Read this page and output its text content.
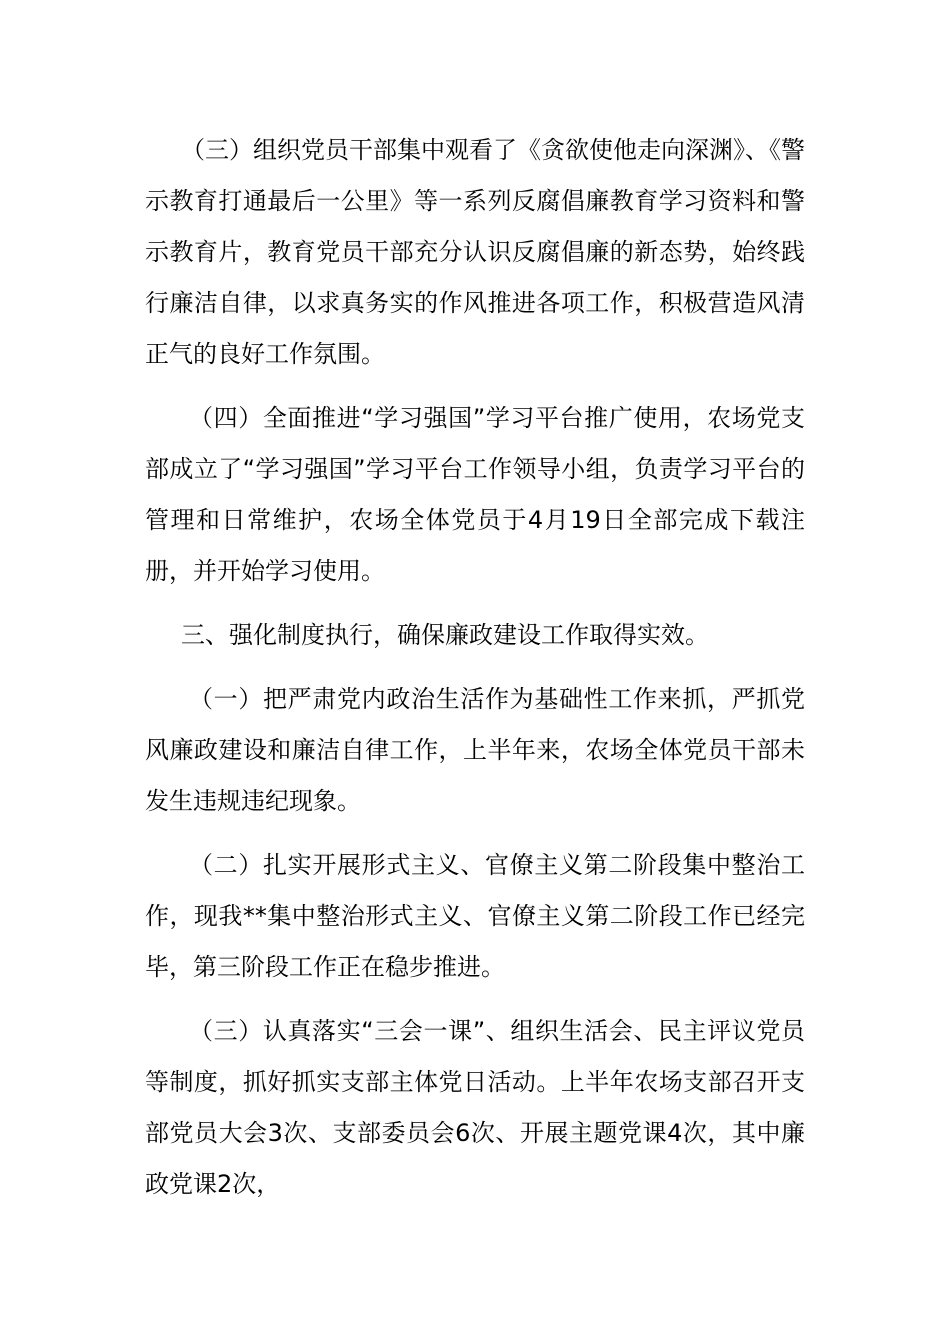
（三）组织党员干部集中观看了《贪欲使他走向深渊》、《警示教育打通最后一公里》等一系列反腐倡廉教育学习资料和警示教育片，教育党员干部充分认识反腐倡廉的新态势，始终践行廉洁自律，以求真务实的作风推进各项工作，积极营造风清正气的良好工作氛围。

（四）全面推进“学习强国”学习平台推广使用，农场党支部成立了“学习强国”学习平台工作领导小组，负责学习平台的管理和日常维护，农场全体党员于4月19日全部完成下载注册，并开始学习使用。

三、强化制度执行，确保廉政建设工作取得实效。

（一）把严肃党内政治生活作为基础性工作来抓，严抓党风廉政建设和廉洁自律工作，上半年来，农场全体党员干部未发生违规违纪现象。

（二）扎实开展形式主义、官僚主义第二阶段集中整治工作，现我**集中整治形式主义、官僚主义第二阶段工作已经完毕，第三阶段工作正在稳步推进。

（三）认真落实“三会一课”、组织生活会、民主评议党员等制度，抓好抓实支部主体党日活动。上半年农场支部召开支部党员大会3次、支部委员会6次、开展主题党课4次，其中廉政党课2次，
